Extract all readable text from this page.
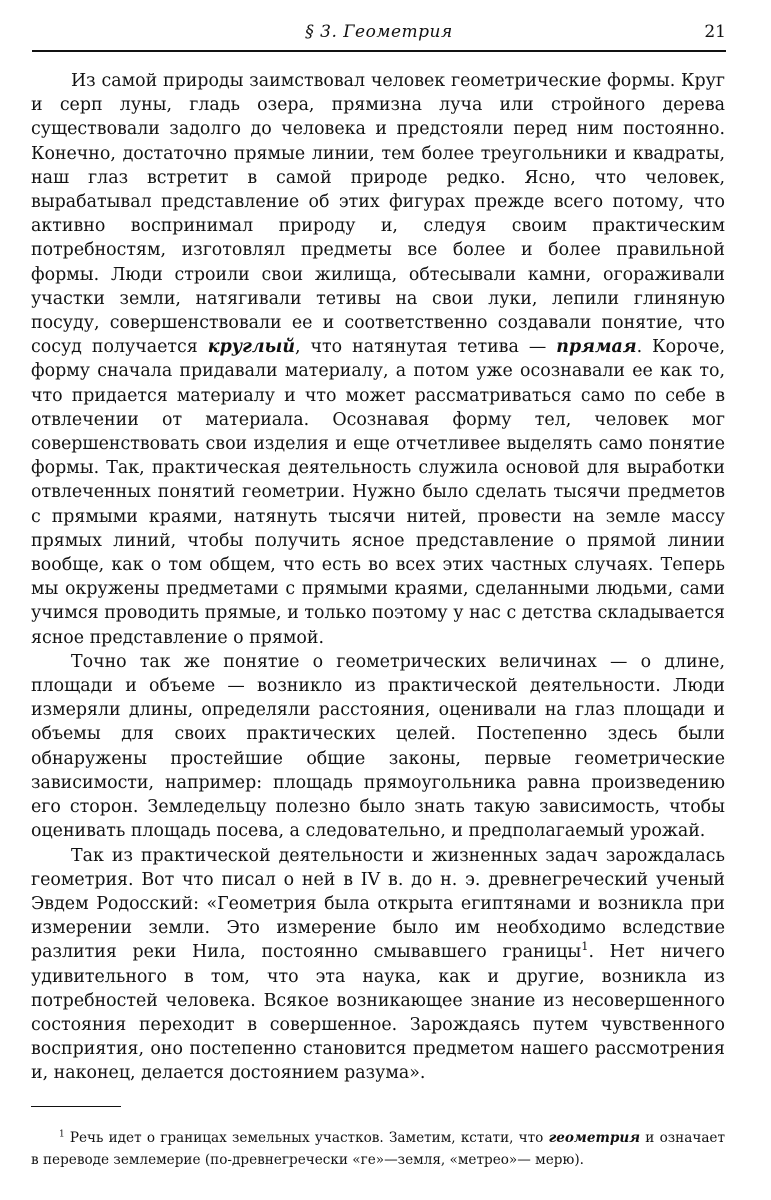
§ 3. Геометрия	21

Из самой природы заимствовал человек геометрические формы. Круг и серп луны, гладь озера, прямизна луча или стройного дерева существовали задолго до человека и предстояли перед ним постоянно. Конечно, достаточно прямые линии, тем более треугольники и квадраты, наш глаз встретит в самой природе редко. Ясно, что человек, вырабатывал представление об этих фигурах прежде всего потому, что активно воспринимал природу и, следуя своим практическим потребностям, изготовлял предметы все более и более правильной формы. Люди строили свои жилища, обтесывали камни, огораживали участки земли, натягивали тетивы на свои луки, лепили глиняную посуду, совершенствовали ее и соответственно создавали понятие, что сосуд получается круглый, что натянутая тетива — прямая. Короче, форму сначала придавали материалу, а потом уже осознавали ее как то, что придается материалу и что может рассматриваться само по себе в отвлечении от материала. Осознавая форму тел, человек мог совершенствовать свои изделия и еще отчетливее выделять само понятие формы. Так, практическая деятельность служила основой для выработки отвлеченных понятий геометрии. Нужно было сделать тысячи предметов с прямыми краями, натянуть тысячи нитей, провести на земле массу прямых линий, чтобы получить ясное представление о прямой линии вообще, как о том общем, что есть во всех этих частных случаях. Теперь мы окружены предметами с прямыми краями, сделанными людьми, сами учимся проводить прямые, и только поэтому у нас с детства складывается ясное представление о прямой.

Точно так же понятие о геометрических величинах — о длине, площади и объеме — возникло из практической деятельности. Люди измеряли длины, определяли расстояния, оценивали на глаз площади и объемы для своих практических целей. Постепенно здесь были обнаружены простейшие общие законы, первые геометрические зависимости, например: площадь прямоугольника равна произведению его сторон. Земледельцу полезно было знать такую зависимость, чтобы оценивать площадь посева, а следовательно, и предполагаемый урожай.

Так из практической деятельности и жизненных задач зарождалась геометрия. Вот что писал о ней в IV в. до н. э. древнегреческий ученый Эвдем Родосский: «Геометрия была открыта египтянами и возникла при измерении земли. Это измерение было им необходимо вследствие разлития реки Нила, постоянно смывавшего границы$^1$. Нет ничего удивительного в том, что эта наука, как и другие, возникла из потребностей человека. Всякое возникающее знание из несовершенного состояния переходит в совершенное. Зарождаясь путем чувственного восприятия, оно постепенно становится предметом нашего рассмотрения и, наконец, делается достоянием разума».

$^1$ Речь идет о границах земельных участков. Заметим, кстати, что геометрия и означает в переводе землемерие (по-древнегречески «ге»—земля, «метрео»— мерю).
